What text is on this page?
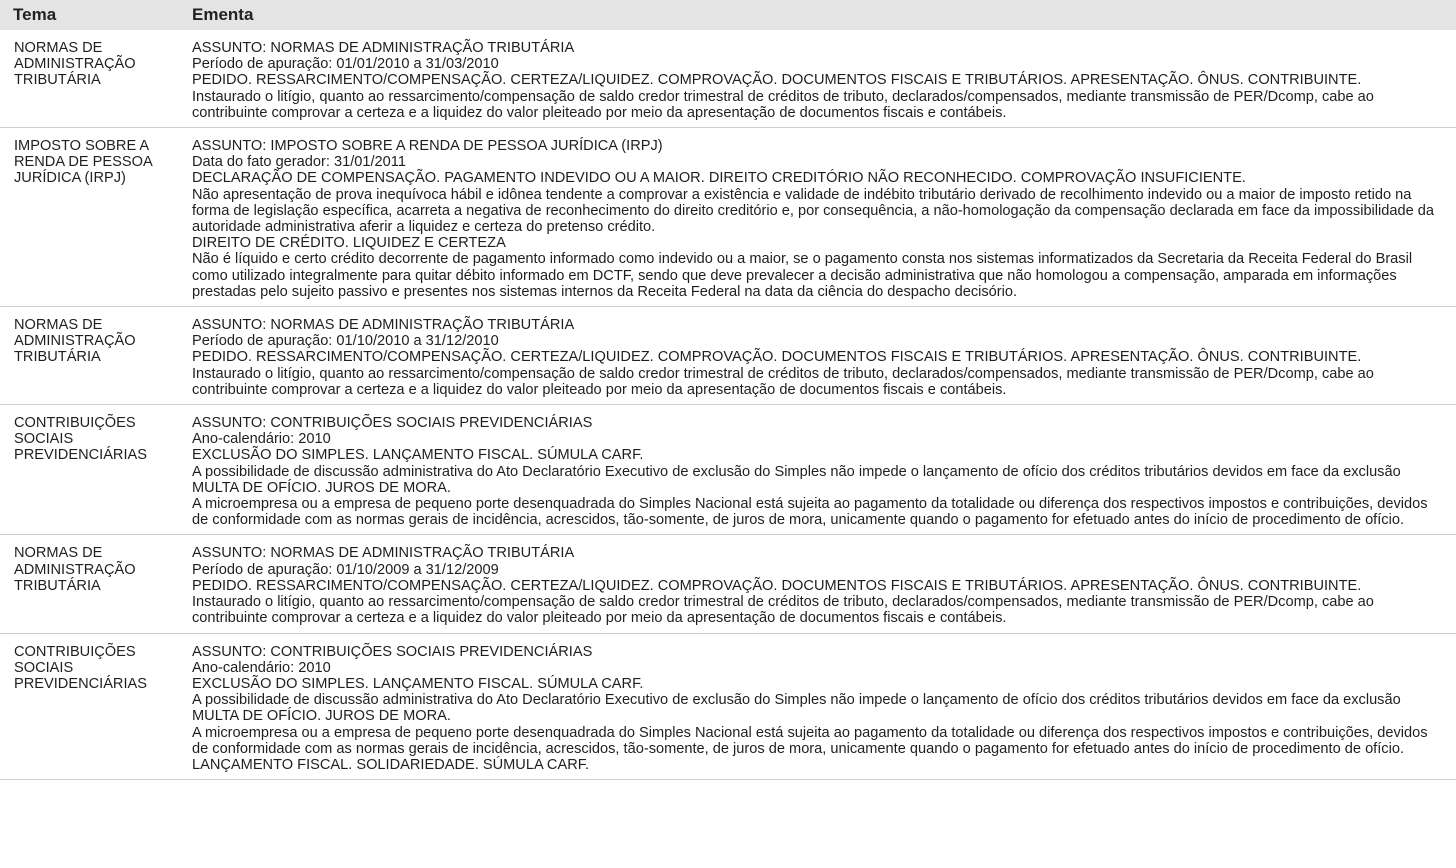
Tema	Ementa
NORMAS DE
ADMINISTRAÇÃO
TRIBUTÁRIA
ASSUNTO: NORMAS DE ADMINISTRAÇÃO TRIBUTÁRIA
Período de apuração: 01/01/2010 a 31/03/2010
PEDIDO. RESSARCIMENTO/COMPENSAÇÃO. CERTEZA/LIQUIDEZ. COMPROVAÇÃO. DOCUMENTOS FISCAIS E TRIBUTÁRIOS. APRESENTAÇÃO. ÔNUS. CONTRIBUINTE.
Instaurado o litígio, quanto ao ressarcimento/compensação de saldo credor trimestral de créditos de tributo, declarados/compensados, mediante transmissão de PER/Dcomp, cabe ao contribuinte comprovar a certeza e a liquidez do valor pleiteado por meio da apresentação de documentos fiscais e contábeis.
IMPOSTO SOBRE A
RENDA DE PESSOA
JURÍDICA (IRPJ)
ASSUNTO: IMPOSTO SOBRE A RENDA DE PESSOA JURÍDICA (IRPJ)
Data do fato gerador: 31/01/2011
DECLARAÇÃO DE COMPENSAÇÃO. PAGAMENTO INDEVIDO OU A MAIOR. DIREITO CREDITÓRIO NÃO RECONHECIDO. COMPROVAÇÃO INSUFICIENTE.
Não apresentação de prova inequívoca hábil e idônea tendente a comprovar a existência e validade de indébito tributário derivado de recolhimento indevido ou a maior de imposto retido na forma de legislação específica, acarreta a negativa de reconhecimento do direito creditório e, por consequência, a não-homologação da compensação declarada em face da impossibilidade da autoridade administrativa aferir a liquidez e certeza do pretenso crédito.
DIREITO DE CRÉDITO. LIQUIDEZ E CERTEZA
Não é líquido e certo crédito decorrente de pagamento informado como indevido ou a maior, se o pagamento consta nos sistemas informatizados da Secretaria da Receita Federal do Brasil como utilizado integralmente para quitar débito informado em DCTF, sendo que deve prevalecer a decisão administrativa que não homologou a compensação, amparada em informações prestadas pelo sujeito passivo e presentes nos sistemas internos da Receita Federal na data da ciência do despacho decisório.
NORMAS DE
ADMINISTRAÇÃO
TRIBUTÁRIA
ASSUNTO: NORMAS DE ADMINISTRAÇÃO TRIBUTÁRIA
Período de apuração: 01/10/2010 a 31/12/2010
PEDIDO. RESSARCIMENTO/COMPENSAÇÃO. CERTEZA/LIQUIDEZ. COMPROVAÇÃO. DOCUMENTOS FISCAIS E TRIBUTÁRIOS. APRESENTAÇÃO. ÔNUS. CONTRIBUINTE.
Instaurado o litígio, quanto ao ressarcimento/compensação de saldo credor trimestral de créditos de tributo, declarados/compensados, mediante transmissão de PER/Dcomp, cabe ao contribuinte comprovar a certeza e a liquidez do valor pleiteado por meio da apresentação de documentos fiscais e contábeis.
CONTRIBUIÇÕES
SOCIAIS
PREVIDENCIÁRIAS
ASSUNTO: CONTRIBUIÇÕES SOCIAIS PREVIDENCIÁRIAS
Ano-calendário: 2010
EXCLUSÃO DO SIMPLES. LANÇAMENTO FISCAL. SÚMULA CARF.
A possibilidade de discussão administrativa do Ato Declaratório Executivo de exclusão do Simples não impede o lançamento de ofício dos créditos tributários devidos em face da exclusão
MULTA DE OFÍCIO. JUROS DE MORA.
A microempresa ou a empresa de pequeno porte desenquadrada do Simples Nacional está sujeita ao pagamento da totalidade ou diferença dos respectivos impostos e contribuições, devidos de conformidade com as normas gerais de incidência, acrescidos, tão-somente, de juros de mora, unicamente quando o pagamento for efetuado antes do início de procedimento de ofício.
NORMAS DE
ADMINISTRAÇÃO
TRIBUTÁRIA
ASSUNTO: NORMAS DE ADMINISTRAÇÃO TRIBUTÁRIA
Período de apuração: 01/10/2009 a 31/12/2009
PEDIDO. RESSARCIMENTO/COMPENSAÇÃO. CERTEZA/LIQUIDEZ. COMPROVAÇÃO. DOCUMENTOS FISCAIS E TRIBUTÁRIOS. APRESENTAÇÃO. ÔNUS. CONTRIBUINTE.
Instaurado o litígio, quanto ao ressarcimento/compensação de saldo credor trimestral de créditos de tributo, declarados/compensados, mediante transmissão de PER/Dcomp, cabe ao contribuinte comprovar a certeza e a liquidez do valor pleiteado por meio da apresentação de documentos fiscais e contábeis.
CONTRIBUIÇÕES
SOCIAIS
PREVIDENCIÁRIAS
ASSUNTO: CONTRIBUIÇÕES SOCIAIS PREVIDENCIÁRIAS
Ano-calendário: 2010
EXCLUSÃO DO SIMPLES. LANÇAMENTO FISCAL. SÚMULA CARF.
A possibilidade de discussão administrativa do Ato Declaratório Executivo de exclusão do Simples não impede o lançamento de ofício dos créditos tributários devidos em face da exclusão
MULTA DE OFÍCIO. JUROS DE MORA.
A microempresa ou a empresa de pequeno porte desenquadrada do Simples Nacional está sujeita ao pagamento da totalidade ou diferença dos respectivos impostos e contribuições, devidos de conformidade com as normas gerais de incidência, acrescidos, tão-somente, de juros de mora, unicamente quando o pagamento for efetuado antes do início de procedimento de ofício.
LANÇAMENTO FISCAL. SOLIDARIEDADE. SÚMULA CARF.
